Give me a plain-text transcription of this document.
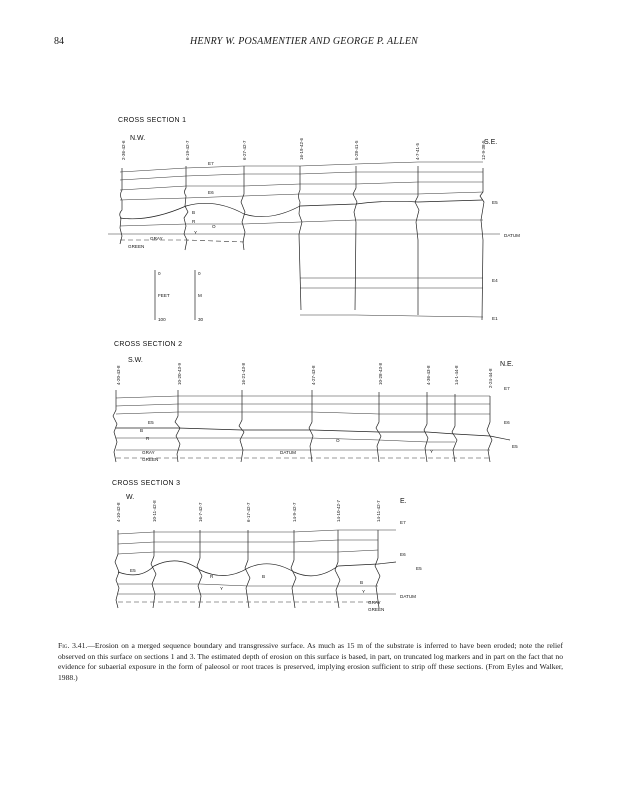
84	HENRY W. POSAMENTIER AND GEORGE P. ALLEN
CROSS SECTION 1
N.W.
S.E.
2-36-42-6	6-19-42-7	6-27-42-7	16-19-42-6	5-28-41-5	4-7-41-5	12-9-38-5
E7
E6
E5
B
R
O
Y
GRAY
GREEN
DATUM
E4
E1
0
FEET
100
0
M
30
CROSS SECTION 2
S.W.
N.E.
4-20-43-8	10-20-43-9	16-21-43-8	4-27-43-8	10-28-43-8	4-36-43-8	14-1-44-8	2-24-44-8
E7
E6
E5
E5
B
R	O
Y
GRAY
GREEN
DATUM
CROSS SECTION 3
W.
E.
4-10-42-8	10-11-42-8	16-7-42-7	6-17-42-7	14-9-42-7	14-10-42-7	14-11-42-7
E7
E6
E5	E5
R	B
Y
B
Y
GRAY
GREEN
DATUM
Fig. 3.41.—Erosion on a merged sequence boundary and transgressive surface. As much as 15 m of the substrate is inferred to have been eroded; note the relief observed on this surface on sections 1 and 3. The estimated depth of erosion on this surface is based, in part, on truncated log markers and in part on the fact that no evidence for subaerial exposure in the form of paleosol or root traces is preserved, implying erosion sufficient to strip off these sections. (From Eyles and Walker, 1988.)
